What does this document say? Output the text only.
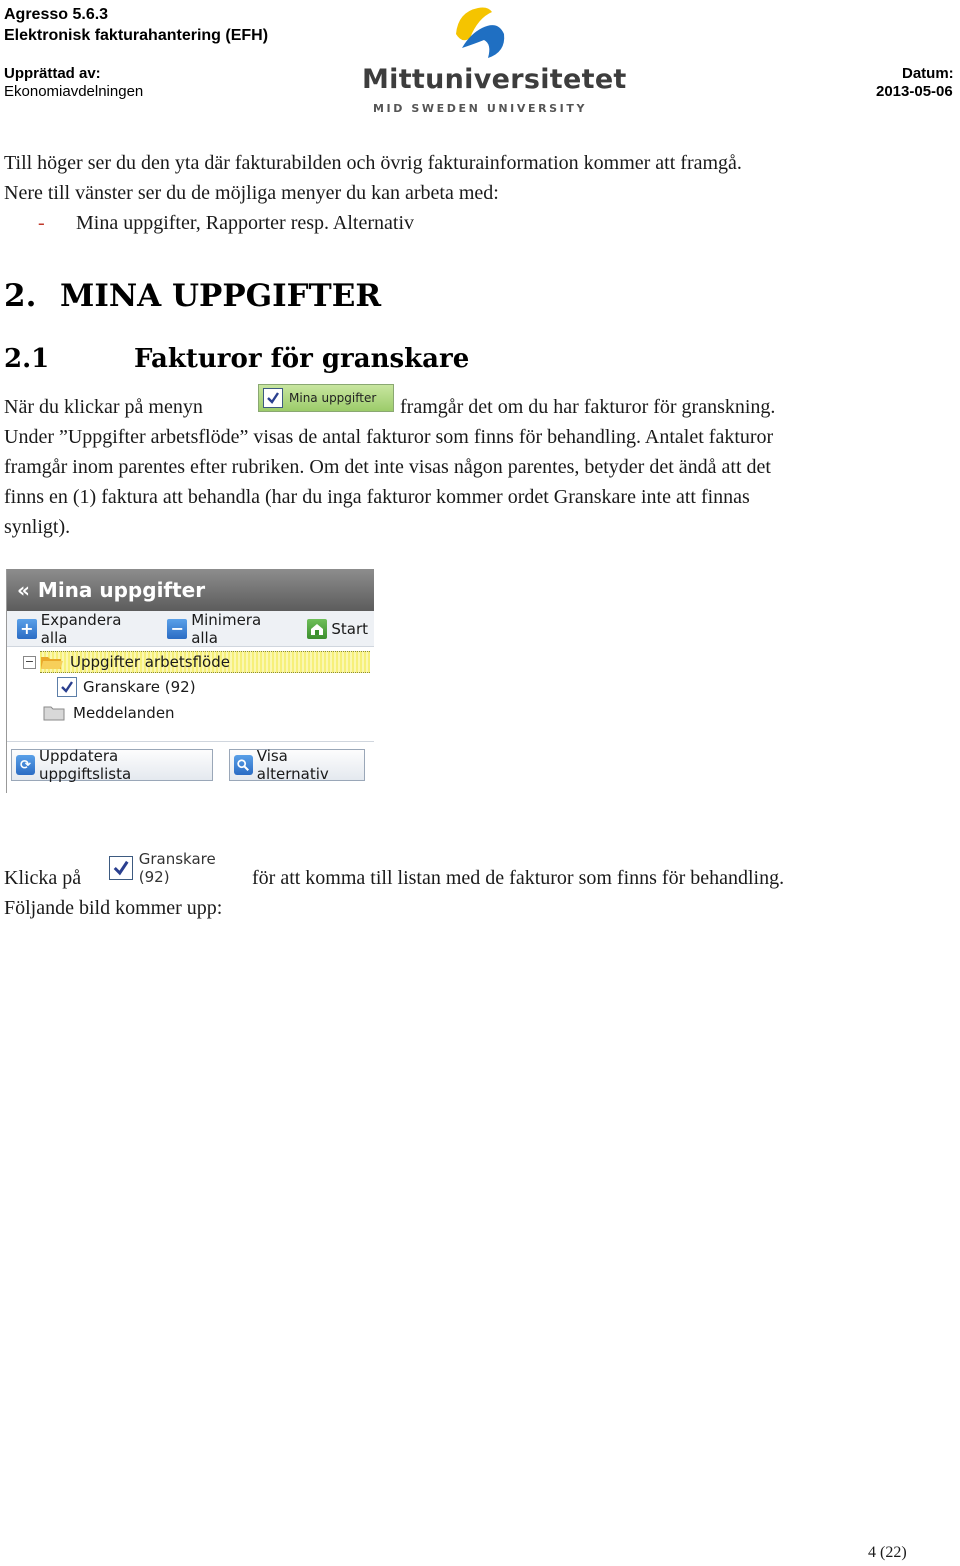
Agresso 5.6.3
Elektronisk fakturahantering (EFH)
Upprättad av:
Ekonomiavdelningen
Datum:
2013-05-06
Mittuniversitetet
MID SWEDEN UNIVERSITY
Till höger ser du den yta där fakturabilden och övrig fakturainformation kommer att framgå.
Nere till vänster ser du de möjliga menyer du kan arbeta med:
- Mina uppgifter, Rapporter resp. Alternativ
2. MINA UPPGIFTER
2.1	Fakturor för granskare
När du klickar på menyn	Mina uppgifter framgår det om du har fakturor för granskning.
Under ”Uppgifter arbetsflöde” visas de antal fakturor som finns för behandling. Antalet fakturor
framgår inom parentes efter rubriken. Om det inte visas någon parentes, betyder det ändå att det
finns en (1) faktura att behandla (har du inga fakturor kommer ordet Granskare inte att finnas
synligt).
« Mina uppgifter
+ Expandera alla	− Minimera alla	Start
− Uppgifter arbetsflöde
Granskare (92)
Meddelanden
⟳ Uppdatera uppgiftslista
Visa alternativ
Klicka på
Granskare (92)	för att komma till listan med de fakturor som finns för behandling.
Följande bild kommer upp:
4 (22)
